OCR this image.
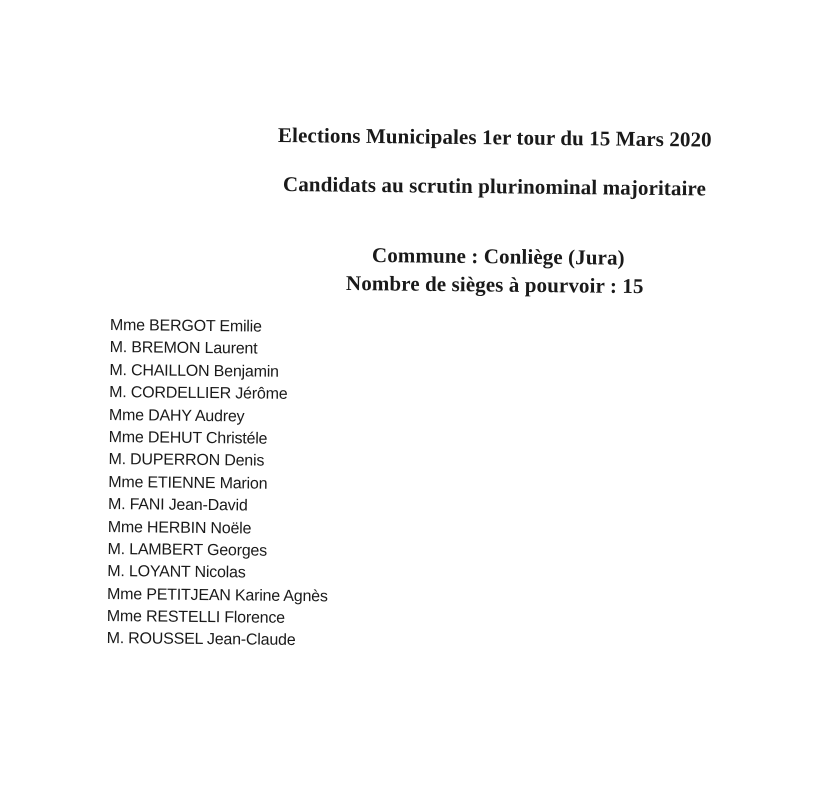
Elections Municipales 1er tour du 15 Mars 2020
Candidats au scrutin plurinominal majoritaire
Commune : Conliège (Jura)
Nombre de sièges à pourvoir : 15
Mme BERGOT Emilie
M. BREMON Laurent
M. CHAILLON Benjamin
M. CORDELLIER Jérôme
Mme DAHY Audrey
Mme DEHUT Christéle
M. DUPERRON Denis
Mme ETIENNE Marion
M. FANI Jean-David
Mme HERBIN Noële
M. LAMBERT Georges
M. LOYANT Nicolas
Mme PETITJEAN Karine Agnès
Mme RESTELLI Florence
M. ROUSSEL Jean-Claude
